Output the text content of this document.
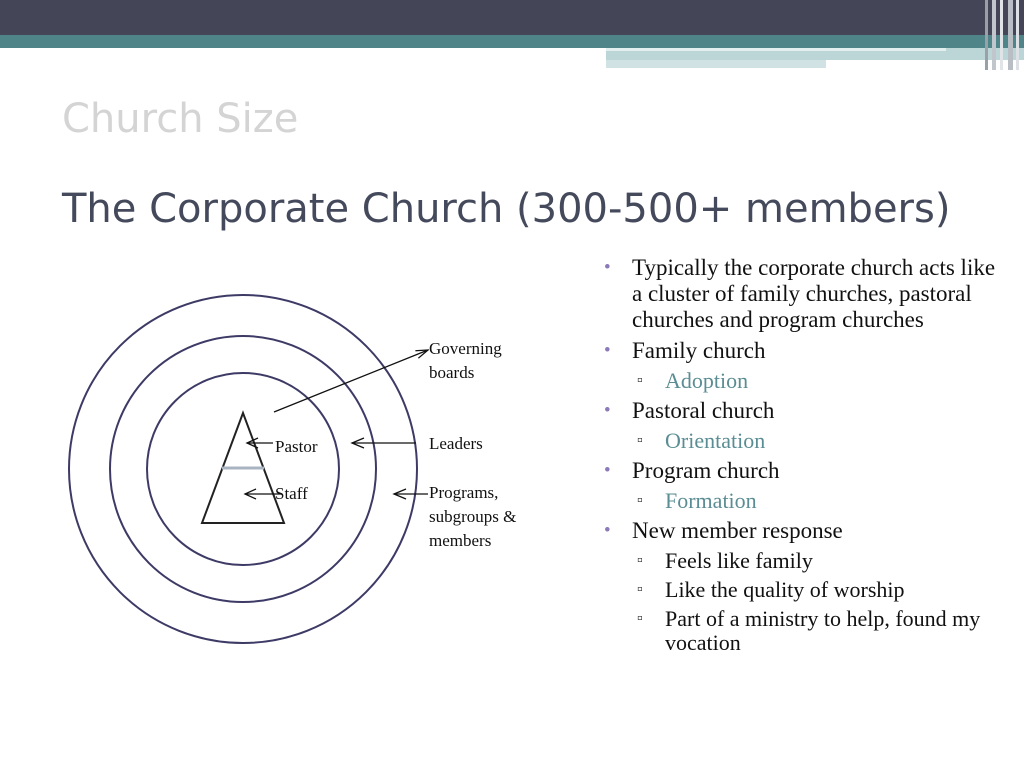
Church Size
The Corporate Church (300-500+ members)
Governing
boards
Leaders
Programs,
subgroups &
members
Pastor
Staff
• Typically the corporate church acts like a cluster of family churches, pastoral churches and program churches
• Family church
▫ Adoption
• Pastoral church
▫ Orientation
• Program church
▫ Formation
• New member response
▫ Feels like family
▫ Like the quality of worship
▫ Part of a ministry to help, found my vocation
